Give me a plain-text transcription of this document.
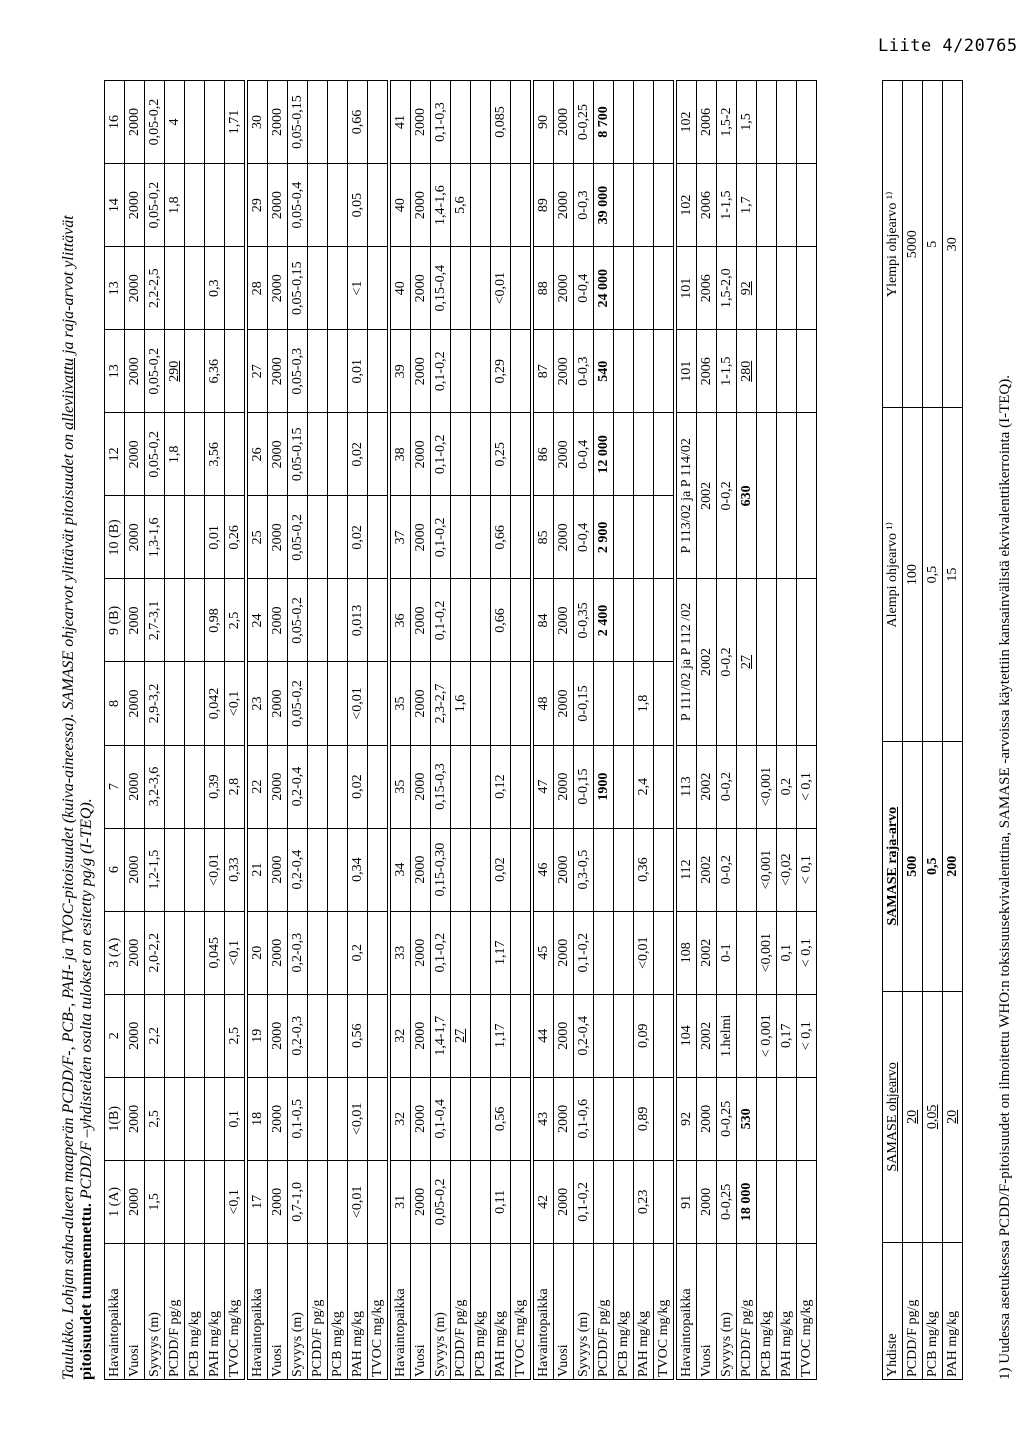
Liite 4/20765
Taulukko. Lohjan saha-alueen maaperän PCDD/F-, PCB-, PAH- ja TVOC-pitoisuudet (kuiva-aineessa). SAMASE ohjearvot ylittävät pitoisuudet on alleviivattu ja raja-arvot ylittävät
pitoisuudet tummennettu. PCDD/F –yhdisteiden osalta tulokset on esitetty pg/g (I-TEQ).
Havaintopaikka	1 (A)	1(B)	2	3 (A)	6	7	8	9 (B)	10 (B)	12	13	13	14	16
Vuosi	2000	2000	2000	2000	2000	2000	2000	2000	2000	2000	2000	2000	2000	2000
Syvyys (m)	1,5	2,5	2,2	2,0-2,2	1,2-1,5	3,2-3,6	2,9-3,2	2,7-3,1	1,3-1,6	0,05-0,2	0,05-0,2	2,2-2,5	0,05-0,2	0,05-0,2
PCDD/F pg/g										1,8	290		1,8	4
PCB mg/kg														
PAH mg/kg				0,045	<0,01	0,39	0,042	0,98	0,01	3,56	6,36	0,3		
TVOC mg/kg	<0,1	0,1	2,5	<0,1	0,33	2,8	<0,1	2,5	0,26					1,71

Havaintopaikka	17	18	19	20	21	22	23	24	25	26	27	28	29	30
Vuosi	2000	2000	2000	2000	2000	2000	2000	2000	2000	2000	2000	2000	2000	2000
Syvyys (m)	0,7-1,0	0,1-0,5	0,2-0,3	0,2-0,3	0,2-0,4	0,2-0,4	0,05-0,2	0,05-0,2	0,05-0,2	0,05-0,15	0,05-0,3	0,05-0,15	0,05-0,4	0,05-0,15
PCDD/F pg/g														
PCB mg/kg														
PAH mg/kg	<0,01	<0,01	0,56	0,2	0,34	0,02	<0,01	0,013	0,02	0,02	0,01	<1	0,05	0,66
TVOC mg/kg														

Havaintopaikka	31	32	32	33	34	35	35	36	37	38	39	40	40	41
Vuosi	2000	2000	2000	2000	2000	2000	2000	2000	2000	2000	2000	2000	2000	2000
Syvyys (m)	0,05-0,2	0,1-0,4	1,4-1,7	0,1-0,2	0,15-0,30	0,15-0,3	2,3-2,7	0,1-0,2	0,1-0,2	0,1-0,2	0,1-0,2	0,15-0,4	1,4-1,6	0,1-0,3
PCDD/F pg/g			27				1,6						5,6	
PCB mg/kg														
PAH mg/kg	0,11	0,56	1,17	1,17	0,02	0,12		0,66	0,66	0,25	0,29	<0,01		0,085
TVOC mg/kg														

Havaintopaikka	42	43	44	45	46	47	48	84	85	86	87	88	89	90
Vuosi	2000	2000	2000	2000	2000	2000	2000	2000	2000	2000	2000	2000	2000	2000
Syvyys (m)	0,1-0,2	0,1-0,6	0,2-0,4	0,1-0,2	0,3-0,5	0-0,15	0-0,15	0-0,35	0-0,4	0-0,4	0-0,3	0-0,4	0-0,3	0-0,25
PCDD/F pg/g						1900		2 400	2 900	12 000	540	24 000	39 000	8 700
PCB mg/kg														
PAH mg/kg	0,23	0,89	0,09	<0,01	0,36	2,4	1,8							
TVOC mg/kg														

Havaintopaikka	91	92	104	108	112	113	P 111/02 ja P 112 /02		P 113/02 ja P 114/02		101	101	102	102
Vuosi	2000	2000	2002	2002	2002	2002	2002		2002		2006	2006	2006	2006
Syvyys (m)	0-0,25	0-0,25	1.helmi	0-1	0-0,2	0-0,2	0-0,2		0-0,2		1-1,5	1,5-2,0	1-1,5	1,5-2
PCDD/F pg/g	18 000	530					27		630		280	92	1,7	1,5
PCB mg/kg			< 0,001	<0,001	<0,001	<0,001								
PAH mg/kg			0,17	0,1	<0,02	0,2								
TVOC mg/kg			< 0,1	< 0,1	< 0,1	< 0,1								
Yhdiste	SAMASE ohjearvo	SAMASE raja-arvo	Alempi ohjearvo ¹⁾	Ylempi ohjearvo ¹⁾
PCDD/F pg/g	20	500	100	5000
PCB mg/kg	0,05	0,5	0,5	5
PAH mg/kg	20	200	15	30
1) Uudessa asetuksessa PCDD/F-pitoisuudet on ilmoitettu WHO:n toksisuusekvivalenttina, SAMASE -arvoissa käytettiin kansainvälistä ekvivalenttikerrointa (I-TEQ).
